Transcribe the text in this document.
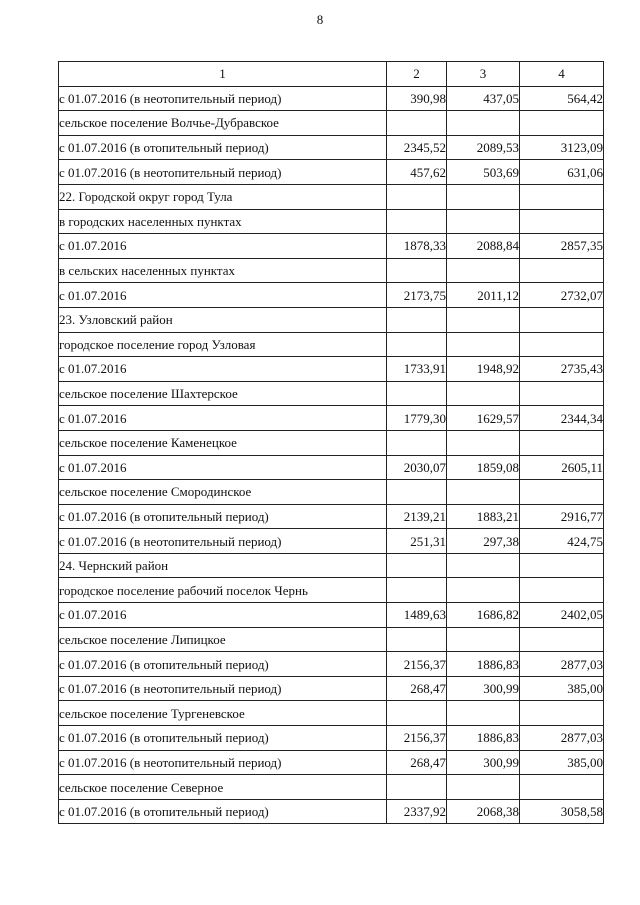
8
1	2	3	4
с 01.07.2016 (в неотопительный период)	390,98	437,05	564,42
сельское поселение Волчье-Дубравское			
с 01.07.2016 (в отопительный период)	2345,52	2089,53	3123,09
с 01.07.2016 (в неотопительный период)	457,62	503,69	631,06
22. Городской округ город Тула			
в городских населенных пунктах			
с 01.07.2016	1878,33	2088,84	2857,35
в сельских населенных пунктах			
с 01.07.2016	2173,75	2011,12	2732,07
23. Узловский район			
городское поселение город Узловая			
с 01.07.2016	1733,91	1948,92	2735,43
сельское поселение Шахтерское			
с 01.07.2016	1779,30	1629,57	2344,34
сельское поселение Каменецкое			
с 01.07.2016	2030,07	1859,08	2605,11
сельское поселение Смородинское			
с 01.07.2016 (в отопительный период)	2139,21	1883,21	2916,77
с 01.07.2016 (в неотопительный период)	251,31	297,38	424,75
24. Чернский район			
городское поселение рабочий поселок Чернь			
с 01.07.2016	1489,63	1686,82	2402,05
сельское поселение Липицкое			
с 01.07.2016 (в отопительный период)	2156,37	1886,83	2877,03
с 01.07.2016 (в неотопительный период)	268,47	300,99	385,00
сельское поселение Тургеневское			
с 01.07.2016 (в отопительный период)	2156,37	1886,83	2877,03
с 01.07.2016 (в неотопительный период)	268,47	300,99	385,00
сельское поселение Северное			
с 01.07.2016 (в отопительный период)	2337,92	2068,38	3058,58
